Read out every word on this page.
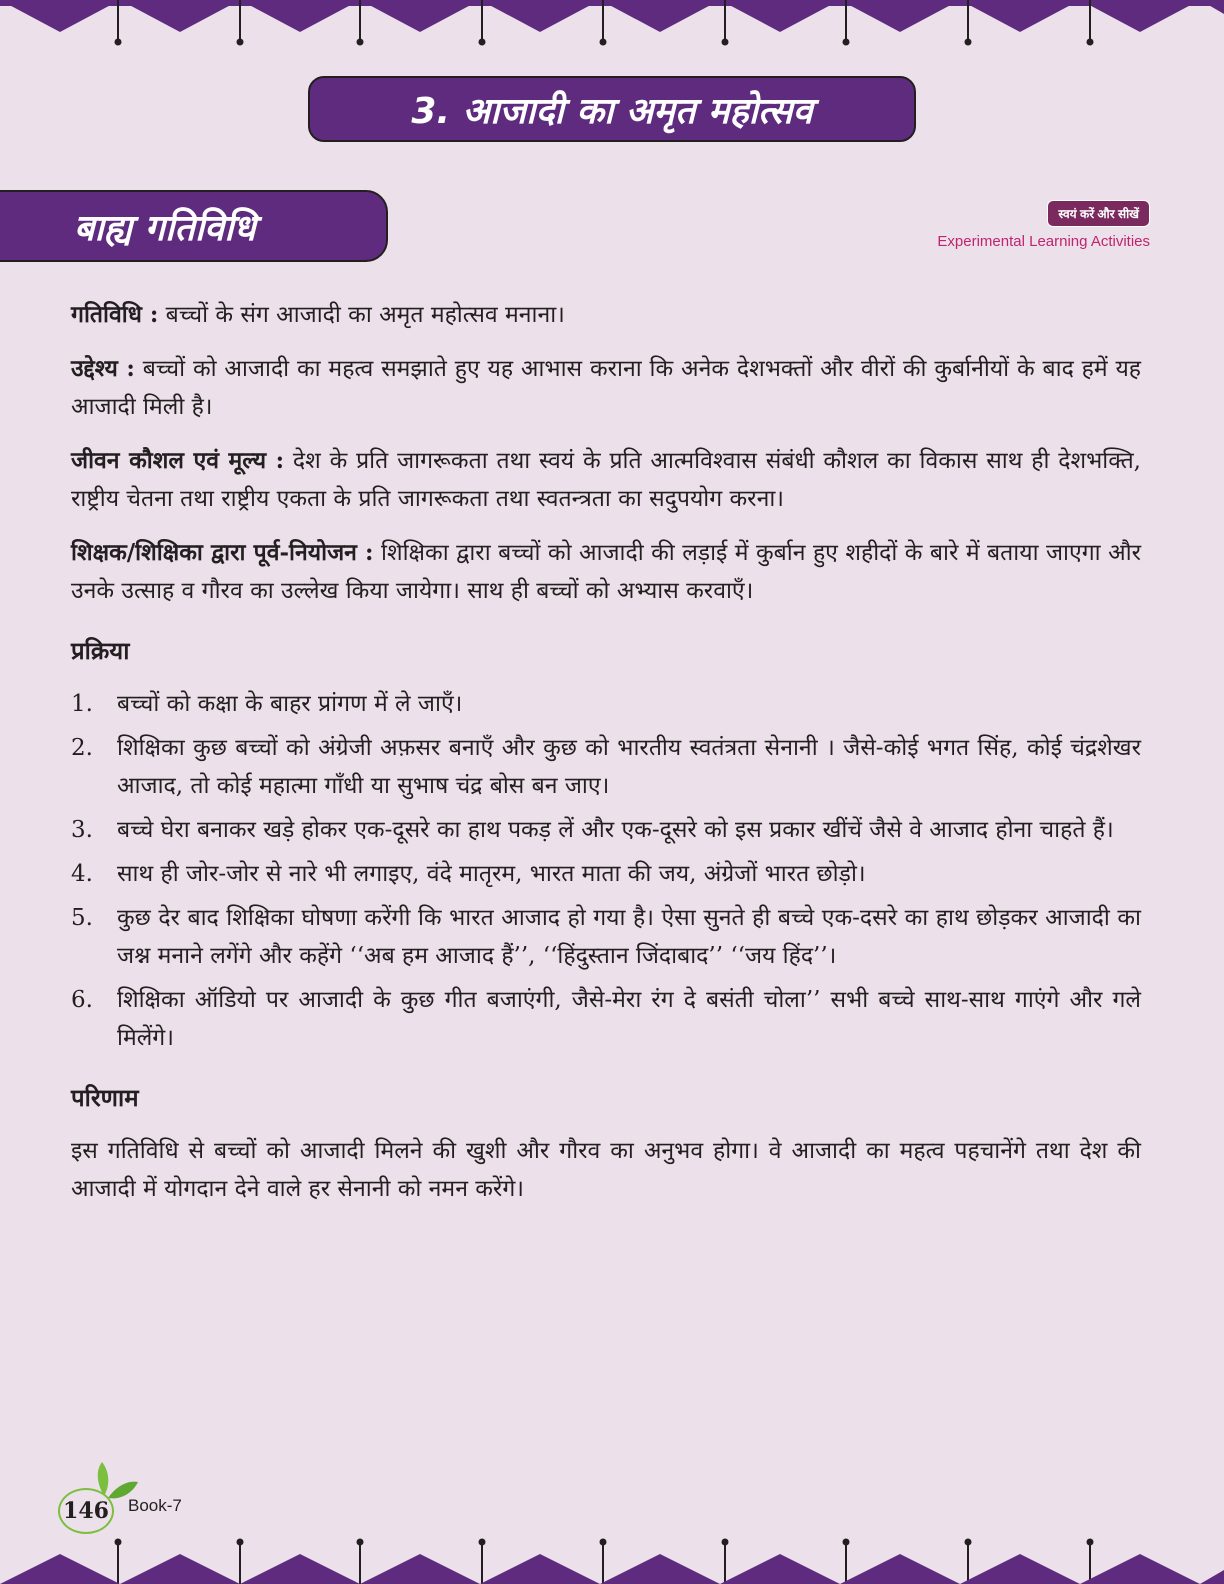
3. आजादी का अमृत महोत्सव
बाह्य गतिविधि	स्वयं करें और सीखें
Experimental Learning Activities

गतिविधि : बच्चों के संग आजादी का अमृत महोत्सव मनाना।

उद्देश्य : बच्चों को आजादी का महत्व समझाते हुए यह आभास कराना कि अनेक देशभक्तों और वीरों की कुर्बानीयों के बाद हमें यह आजादी मिली है।

जीवन कौशल एवं मूल्य : देश के प्रति जागरूकता तथा स्वयं के प्रति आत्मविश्वास संबंधी कौशल का विकास साथ ही देशभक्ति, राष्ट्रीय चेतना तथा राष्ट्रीय एकता के प्रति जागरूकता तथा स्वतन्त्रता का सदुपयोग करना।

शिक्षक/शिक्षिका द्वारा पूर्व-नियोजन : शिक्षिका द्वारा बच्चों को आजादी की लड़ाई में कुर्बान हुए शहीदों के बारे में बताया जाएगा और उनके उत्साह व गौरव का उल्लेख किया जायेगा। साथ ही बच्चों को अभ्यास करवाएँ।

प्रक्रिया
1. बच्चों को कक्षा के बाहर प्रांगण में ले जाएँ।
2. शिक्षिका कुछ बच्चों को अंग्रेजी अफ़सर बनाएँ और कुछ को भारतीय स्वतंत्रता सेनानी । जैसे-कोई भगत सिंह, कोई चंद्रशेखर आजाद, तो कोई महात्मा गाँधी या सुभाष चंद्र बोस बन जाए।
3. बच्चे घेरा बनाकर खड़े होकर एक-दूसरे का हाथ पकड़ लें और एक-दूसरे को इस प्रकार खींचें जैसे वे आजाद होना चाहते हैं।
4. साथ ही जोर-जोर से नारे भी लगाइए, वंदे मातृरम, भारत माता की जय, अंग्रेजों भारत छोड़ो।
5. कुछ देर बाद शिक्षिका घोषणा करेंगी कि भारत आजाद हो गया है। ऐसा सुनते ही बच्चे एक-दसरे का हाथ छोड़कर आजादी का जश्न मनाने लगेंगे और कहेंगे ‘‘अब हम आजाद हैं’’, ‘‘हिंदुस्तान जिंदाबाद’’ ‘‘जय हिंद’’।
6. शिक्षिका ऑडियो पर आजादी के कुछ गीत बजाएंगी, जैसे-मेरा रंग दे बसंती चोला’’ सभी बच्चे साथ-साथ गाएंगे और गले मिलेंगे।
परिणाम

इस गतिविधि से बच्चों को आजादी मिलने की खुशी और गौरव का अनुभव होगा। वे आजादी का महत्व पहचानेंगे तथा देश की आजादी में योगदान देने वाले हर सेनानी को नमन करेंगे।

146 Book-7
